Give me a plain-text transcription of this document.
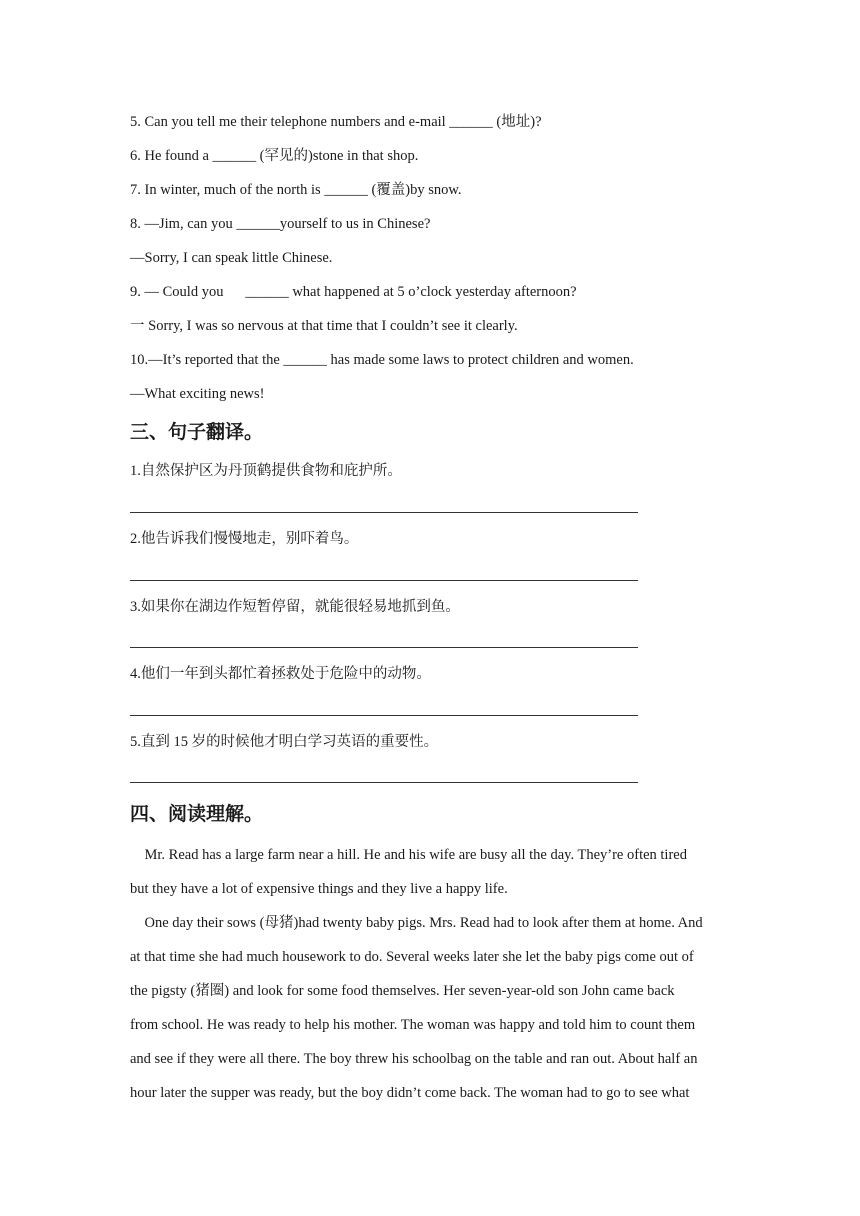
5. Can you tell me their telephone numbers and e-mail ______ (地址)?
6. He found a ______ (罕见的)stone in that shop.
7. In winter, much of the north is ______ (覆盖)by snow.
8. —Jim, can you ______yourself to us in Chinese?
—Sorry, I can speak little Chinese.
9. — Could you      ______ what happened at 5 o’clock yesterday afternoon?
一 Sorry, I was so nervous at that time that I couldn’t see it clearly.
10.—It’s reported that the ______ has made some laws to protect children and women.
—What exciting news!
三、句子翻译。
1.自然保护区为丹顶鹤提供食物和庇护所。
2.他告诉我们慢慢地走，别吓着鸟。
3.如果你在湖边作短暂停留，就能很轻易地抓到鱼。
4.他们一年到头都忙着拯救处于危险中的动物。
5.直到 15 岁的时候他才明白学习英语的重要性。
四、阅读理解。
Mr. Read has a large farm near a hill. He and his wife are busy all the day. They’re often tired
but they have a lot of expensive things and they live a happy life.
One day their sows (母猪)had twenty baby pigs. Mrs. Read had to look after them at home. And
at that time she had much housework to do. Several weeks later she let the baby pigs come out of
the pigsty (猪圈) and look for some food themselves. Her seven-year-old son John came back
from school. He was ready to help his mother. The woman was happy and told him to count them
and see if they were all there. The boy threw his schoolbag on the table and ran out. About half an
hour later the supper was ready, but the boy didn’t come back. The woman had to go to see what
